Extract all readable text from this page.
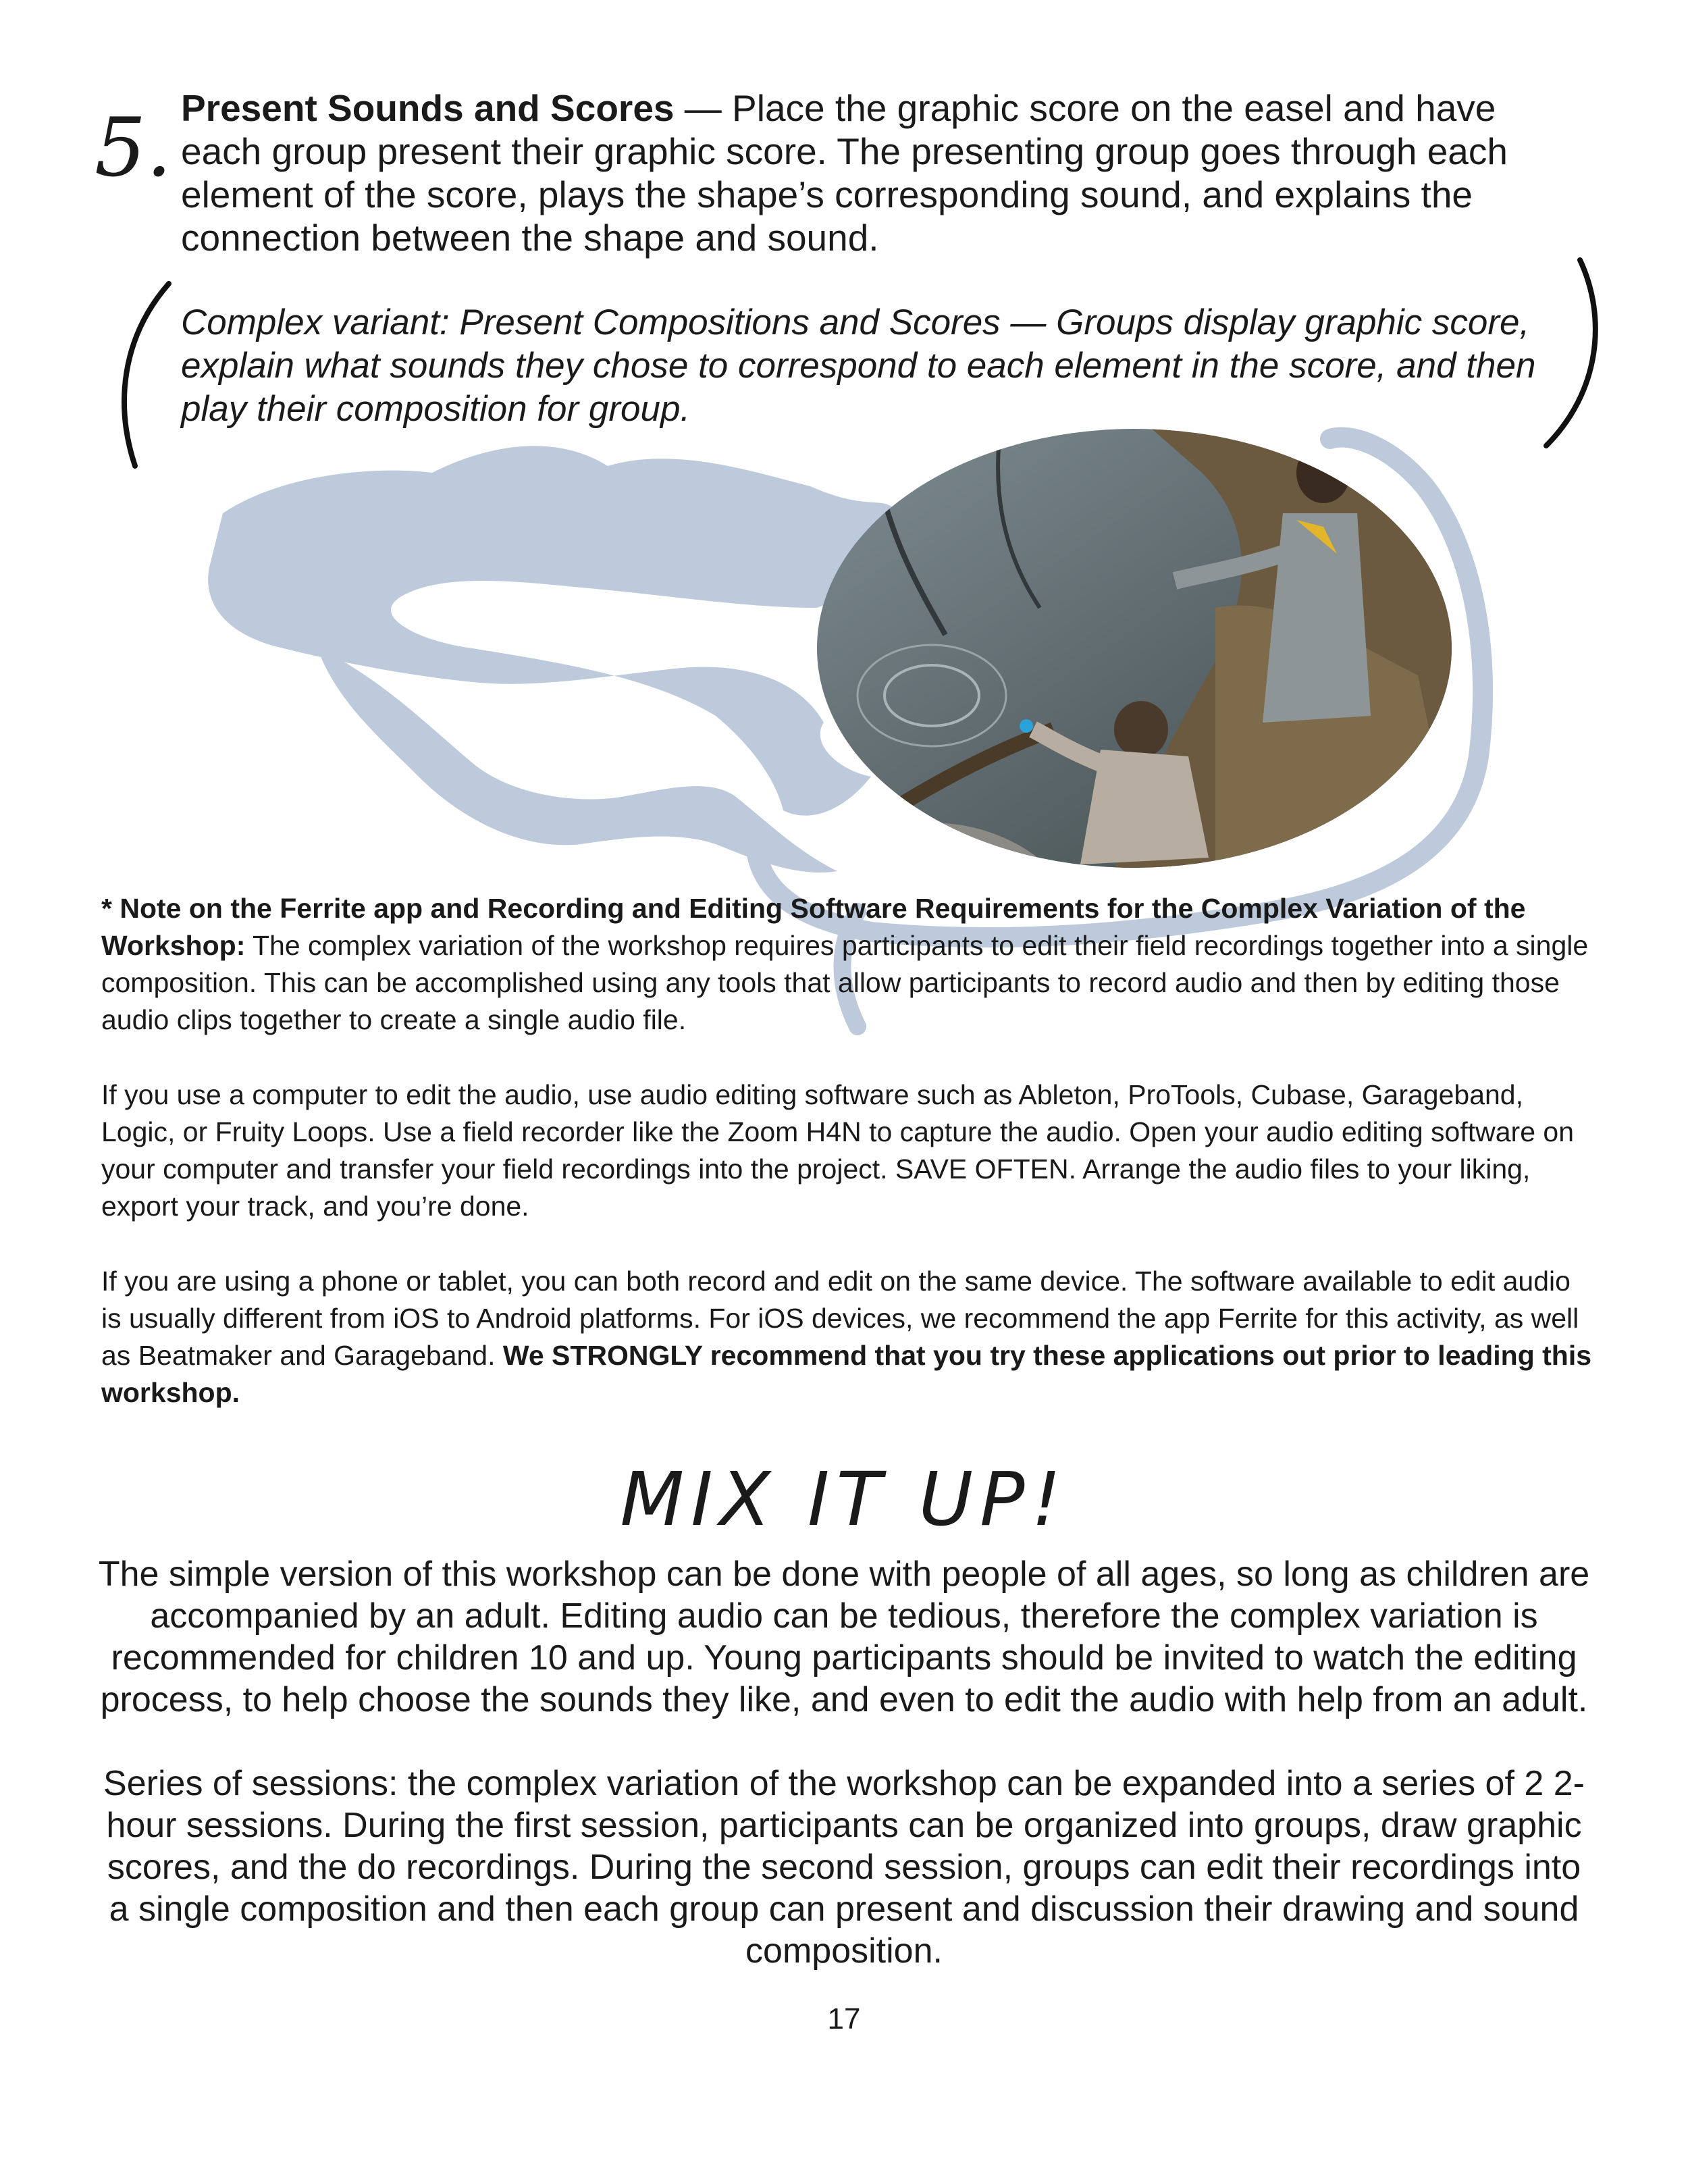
5. Present Sounds and Scores — Place the graphic score on the easel and have each group present their graphic score. The presenting group goes through each element of the score, plays the shape’s corresponding sound, and explains the connection between the shape and sound.
Complex variant: Present Compositions and Scores — Groups display graphic score, explain what sounds they chose to correspond to each element in the score, and then play their composition for group.

* Note on the Ferrite app and Recording and Editing Software Requirements for the Complex Variation of the Workshop: The complex variation of the workshop requires participants to edit their field recordings together into a single composition. This can be accomplished using any tools that allow participants to record audio and then by editing those audio clips together to create a single audio file.

If you use a computer to edit the audio, use audio editing software such as Ableton, ProTools, Cubase, Garageband, Logic, or Fruity Loops. Use a field recorder like the Zoom H4N to capture the audio. Open your audio editing software on your computer and transfer your field recordings into the project. SAVE OFTEN. Arrange the audio files to your liking, export your track, and you’re done.

If you are using a phone or tablet, you can both record and edit on the same device. The software available to edit audio is usually different from iOS to Android platforms. For iOS devices, we recommend the app Ferrite for this activity, as well as Beatmaker and Garageband. We STRONGLY recommend that you try these applications out prior to leading this workshop.

MIX IT UP!

The simple version of this workshop can be done with people of all ages, so long as children are accompanied by an adult. Editing audio can be tedious, therefore the complex variation is recommended for children 10 and up. Young participants should be invited to watch the editing process, to help choose the sounds they like, and even to edit the audio with help from an adult.

Series of sessions: the complex variation of the workshop can be expanded into a series of 2 2-hour sessions. During the first session, participants can be organized into groups, draw graphic scores, and the do recordings. During the second session, groups can edit their recordings into a single composition and then each group can present and discussion their drawing and sound composition.

17
